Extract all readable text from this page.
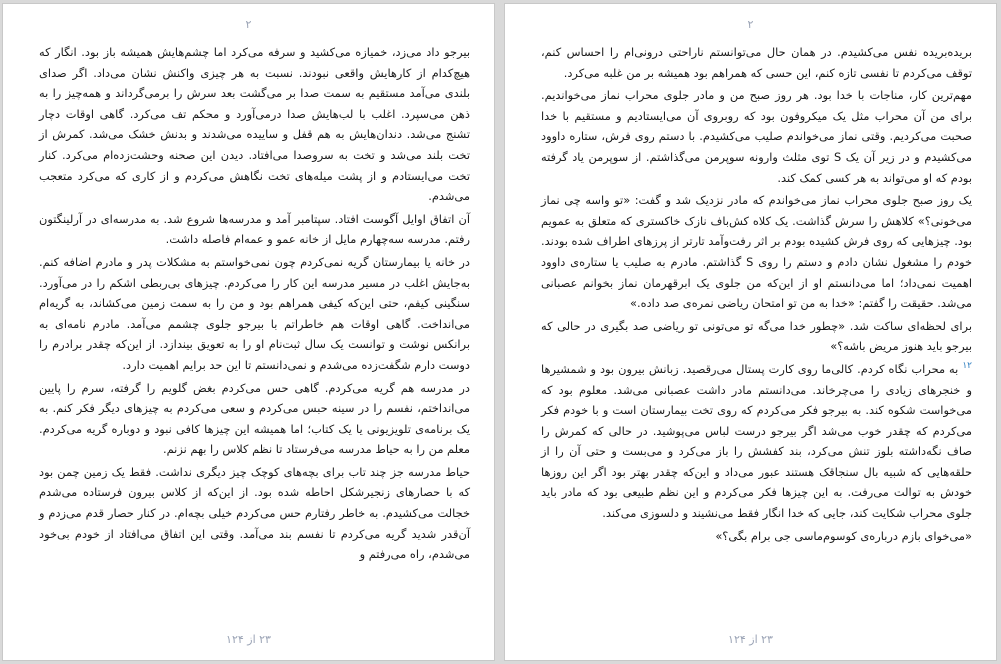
۲

بیرجو داد می‌زد، خمیازه می‌کشید و سرفه می‌کرد اما چشم‌هایش همیشه باز بود. انگار که هیچ‌کدام از کارهایش واقعی نبودند. نسبت به هر چیزی واکنش نشان می‌داد. اگر صدای بلندی می‌آمد مستقیم به سمت صدا بر می‌گشت بعد سرش را برمی‌گرداند و همه‌چیز را به ذهن می‌سپرد. اغلب با لب‌هایش صدا درمی‌آورد و محکم تف می‌کرد. گاهی اوقات دچار تشنج می‌شد. دندان‌هایش به هم قفل و ساییده می‌شدند و بدنش خشک می‌شد. کمرش از تخت بلند می‌شد و تخت به سروصدا می‌افتاد. دیدن این صحنه وحشت‌زده‌ام می‌کرد. کنار تخت می‌ایستادم و از پشت میله‌های تخت نگاهش می‌کردم و از کاری که می‌کرد متعجب می‌شدم.

آن اتفاق اوایل آگوست افتاد. سپتامبر آمد و مدرسه‌ها شروع شد. به مدرسه‌ای در آرلینگتون رفتم. مدرسه سه‌چهارم مایل از خانه عمو و عمه‌ام فاصله داشت.

در خانه یا بیمارستان گریه نمی‌کردم چون نمی‌خواستم به مشکلات پدر و مادرم اضافه کنم. به‌جایش اغلب در مسیر مدرسه این کار را می‌کردم. چیزهای بی‌ربطی اشکم را در می‌آورد. سنگینی کیفم، حتی این‌که کیفی همراهم بود و من را به سمت زمین می‌کشاند، به گریه‌ام می‌انداخت. گاهی اوقات هم خاطراتم با بیرجو جلوی چشمم می‌آمد. مادرم نامه‌ای به برانکس نوشت و توانست یک سال ثبت‌نام او را به تعویق بیندازد. از این‌که چقدر برادرم را دوست دارم شگفت‌زده می‌شدم و نمی‌دانستم تا این حد برایم اهمیت دارد.

در مدرسه هم گریه می‌کردم. گاهی حس می‌کردم بغض گلویم را گرفته، سرم را پایین می‌انداختم، نفسم را در سینه حبس می‌کردم و سعی می‌کردم به چیزهای دیگر فکر کنم. به یک برنامه‌ی تلویزیونی یا یک کتاب؛ اما همیشه این چیزها کافی نبود و دوباره گریه می‌کردم. معلم من را به حیاط مدرسه می‌فرستاد تا نظم کلاس را بهم نزنم.

حیاط مدرسه جز چند تاب برای بچه‌های کوچک چیز دیگری نداشت. فقط یک زمین چمن بود که با حصارهای زنجیرشکل احاطه شده بود. از این‌که از کلاس بیرون فرستاده می‌شدم خجالت می‌کشیدم. به خاطر رفتارم حس می‌کردم خیلی بچه‌ام. در کنار حصار قدم می‌زدم و آن‌قدر شدید گریه می‌کردم تا نفسم بند می‌آمد. وقتی این اتفاق می‌افتاد از خودم بی‌خود می‌شدم، راه می‌رفتم و

۲۳ از ۱۲۴
۲

بریده‌بریده نفس می‌کشیدم. در همان حال می‌توانستم ناراحتی درونی‌ام را احساس کنم، توقف می‌کردم تا نفسی تازه کنم، این حسی که همراهم بود همیشه بر من غلبه می‌کرد.

مهم‌ترین کار، مناجات با خدا بود. هر روز صبح من و مادر جلوی محراب نماز می‌خواندیم. برای من آن محراب مثل یک میکروفون بود که روبروی آن می‌ایستادیم و مستقیم با خدا صحبت می‌کردیم. وقتی نماز می‌خواندم صلیب می‌کشیدم. با دستم روی فرش، ستاره داوود می‌کشیدم و در زیر آن یک S توی مثلث وارونه سوپرمن می‌گذاشتم. از سوپرمن یاد گرفته بودم که او می‌تواند به هر کسی کمک کند.

یک روز صبح جلوی محراب نماز می‌خواندم که مادر نزدیک شد و گفت: «تو واسه چی نماز می‌خونی؟» کلاهش را سرش گذاشت. یک کلاه کش‌باف نازک خاکستری که متعلق به عمویم بود. چیزهایی که روی فرش کشیده بودم بر اثر رفت‌وآمد تارتر از پرزهای اطراف شده بودند. خودم را مشغول نشان دادم و دستم را روی S گذاشتم. مادرم به صلیب یا ستاره‌ی داوود اهمیت نمی‌داد؛ اما می‌دانستم او از این‌که من جلوی یک ابرقهرمان نماز بخوانم عصبانی می‌شد. حقیقت را گفتم: «خدا به من تو امتحان ریاضی نمره‌ی صد داده.»

برای لحظه‌ای ساکت شد. «چطور خدا می‌گه تو می‌تونی تو ریاضی صد بگیری در حالی که بیرجو باید هنوز مریض باشه؟»

$^{۱۲}$ به محراب نگاه کردم. کالی‌ما روی کارت پستال می‌رقصید. زبانش بیرون بود و شمشیرها و خنجرهای زیادی را می‌چرخاند. می‌دانستم مادر داشت عصبانی می‌شد. معلوم بود که می‌خواست شکوه کند. به بیرجو فکر می‌کردم که روی تخت بیمارستان است و با خودم فکر می‌کردم که چقدر خوب می‌شد اگر بیرجو درست لباس می‌پوشید. در حالی که کمرش را صاف نگه‌داشته بلوز تنش می‌کرد، بند کفشش را باز می‌کرد و می‌بست و حتی آن را از حلقه‌هایی که شبیه بال سنجاقک هستند عبور می‌داد و این‌که چقدر بهتر بود اگر این روزها خودش به توالت می‌رفت. به این چیزها فکر می‌کردم و این نظم طبیعی بود که مادر باید جلوی محراب شکایت کند، جایی که خدا انگار فقط می‌نشیند و دلسوزی می‌کند.

«می‌خوای بازم درباره‌ی کوسوم‌ماسی جی برام بگی؟»

۲۳ از ۱۲۴
